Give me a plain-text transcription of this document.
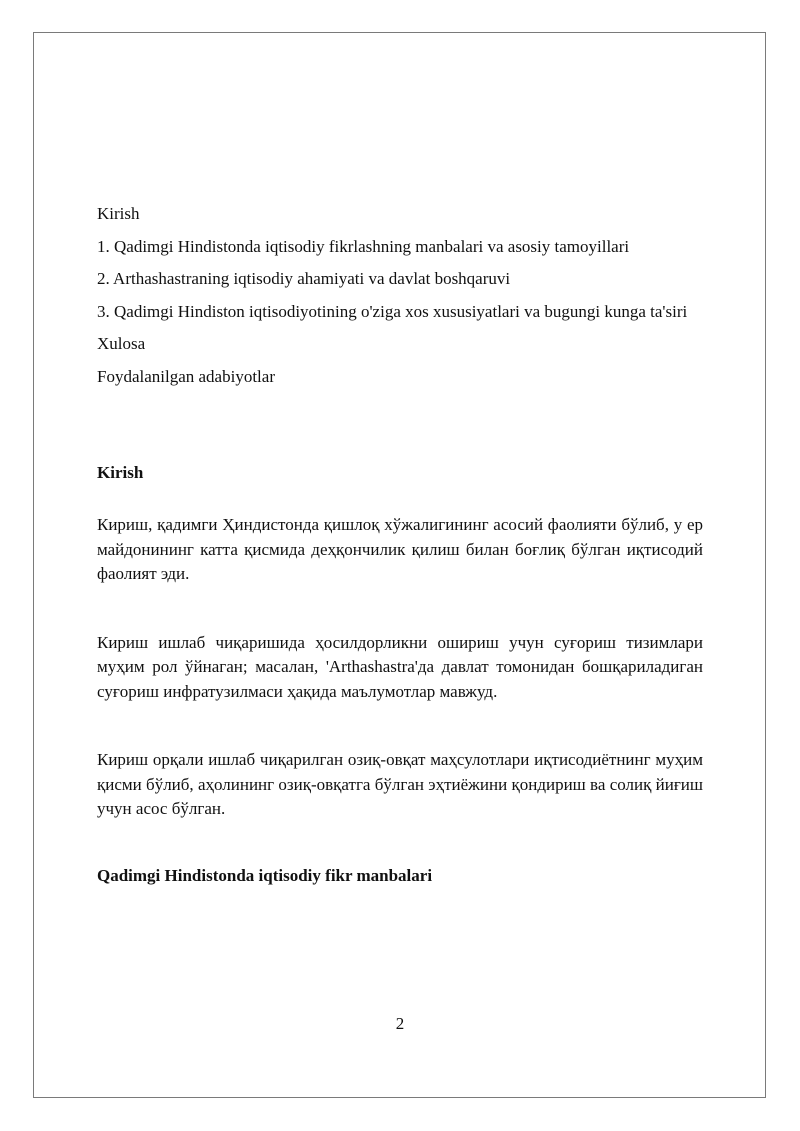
Kirish

1. Qadimgi Hindistonda iqtisodiy fikrlashning manbalari va asosiy tamoyillari

2. Arthashastraning iqtisodiy ahamiyati va davlat boshqaruvi

3. Qadimgi Hindiston iqtisodiyotining o'ziga xos xususiyatlari va bugungi kunga ta'siri

Xulosa

Foydalanilgan adabiyotlar

Kirish

Кириш, қадимги Ҳиндистонда қишлоқ хўжалигининг асосий фаолияти бўлиб, у ер майдонининг катта қисмида деҳқончилик қилиш билан боғлиқ бўлган иқтисодий фаолият эди.

Кириш ишлаб чиқаришида ҳосилдорликни ошириш учун суғориш тизимлари муҳим рол ўйнаган; масалан, 'Arthashastra'да давлат томонидан бошқариладиган суғориш инфратузилмаси ҳақида маълумотлар мавжуд.

Кириш орқали ишлаб чиқарилган озиқ-овқат маҳсулотлари иқтисодиётнинг муҳим қисми бўлиб, аҳолининг озиқ-овқатга бўлган эҳтиёжини қондириш ва солиқ йиғиш учун асос бўлган.

Qadimgi Hindistonda iqtisodiy fikr manbalari
2
